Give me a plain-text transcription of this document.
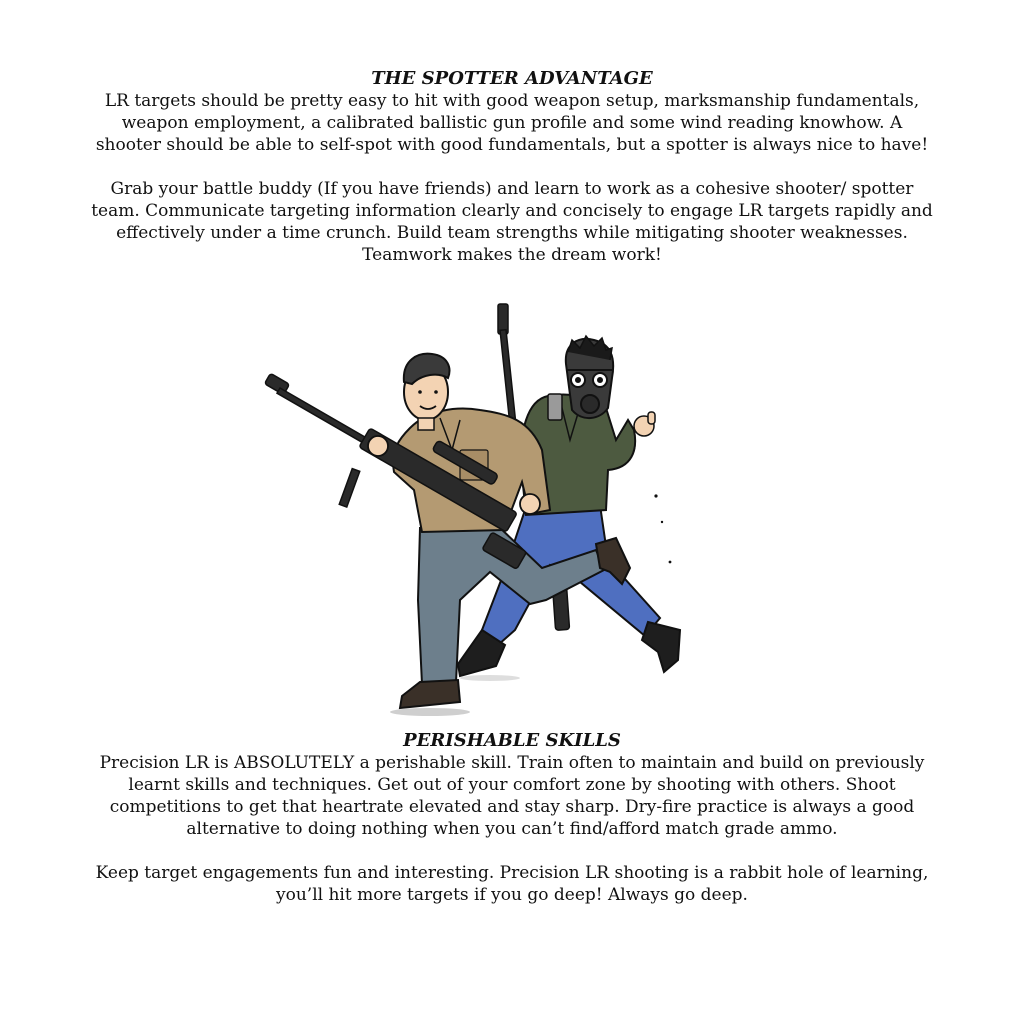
THE SPOTTER ADVANTAGE

LR targets should be pretty easy to hit with good weapon setup, marksmanship fundamentals, weapon employment, a calibrated ballistic gun profile and some wind reading knowhow. A shooter should be able to self-spot with good fundamentals, but a spotter is always nice to have!

Grab your battle buddy (If you have friends) and learn to work as a cohesive shooter/ spotter team. Communicate targeting information clearly and concisely to engage LR targets rapidly and effectively under a time crunch. Build team strengths while mitigating shooter weaknesses. Teamwork makes the dream work!

PERISHABLE SKILLS

Precision LR is ABSOLUTELY a perishable skill. Train often to maintain and build on previously learnt skills and techniques. Get out of your comfort zone by shooting with others. Shoot competitions to get that heartrate elevated and stay sharp. Dry-fire practice is always a good alternative to doing nothing when you can’t find/afford match grade ammo.

Keep target engagements fun and interesting. Precision LR shooting is a rabbit hole of learning, you’ll hit more targets if you go deep! Always go deep.
